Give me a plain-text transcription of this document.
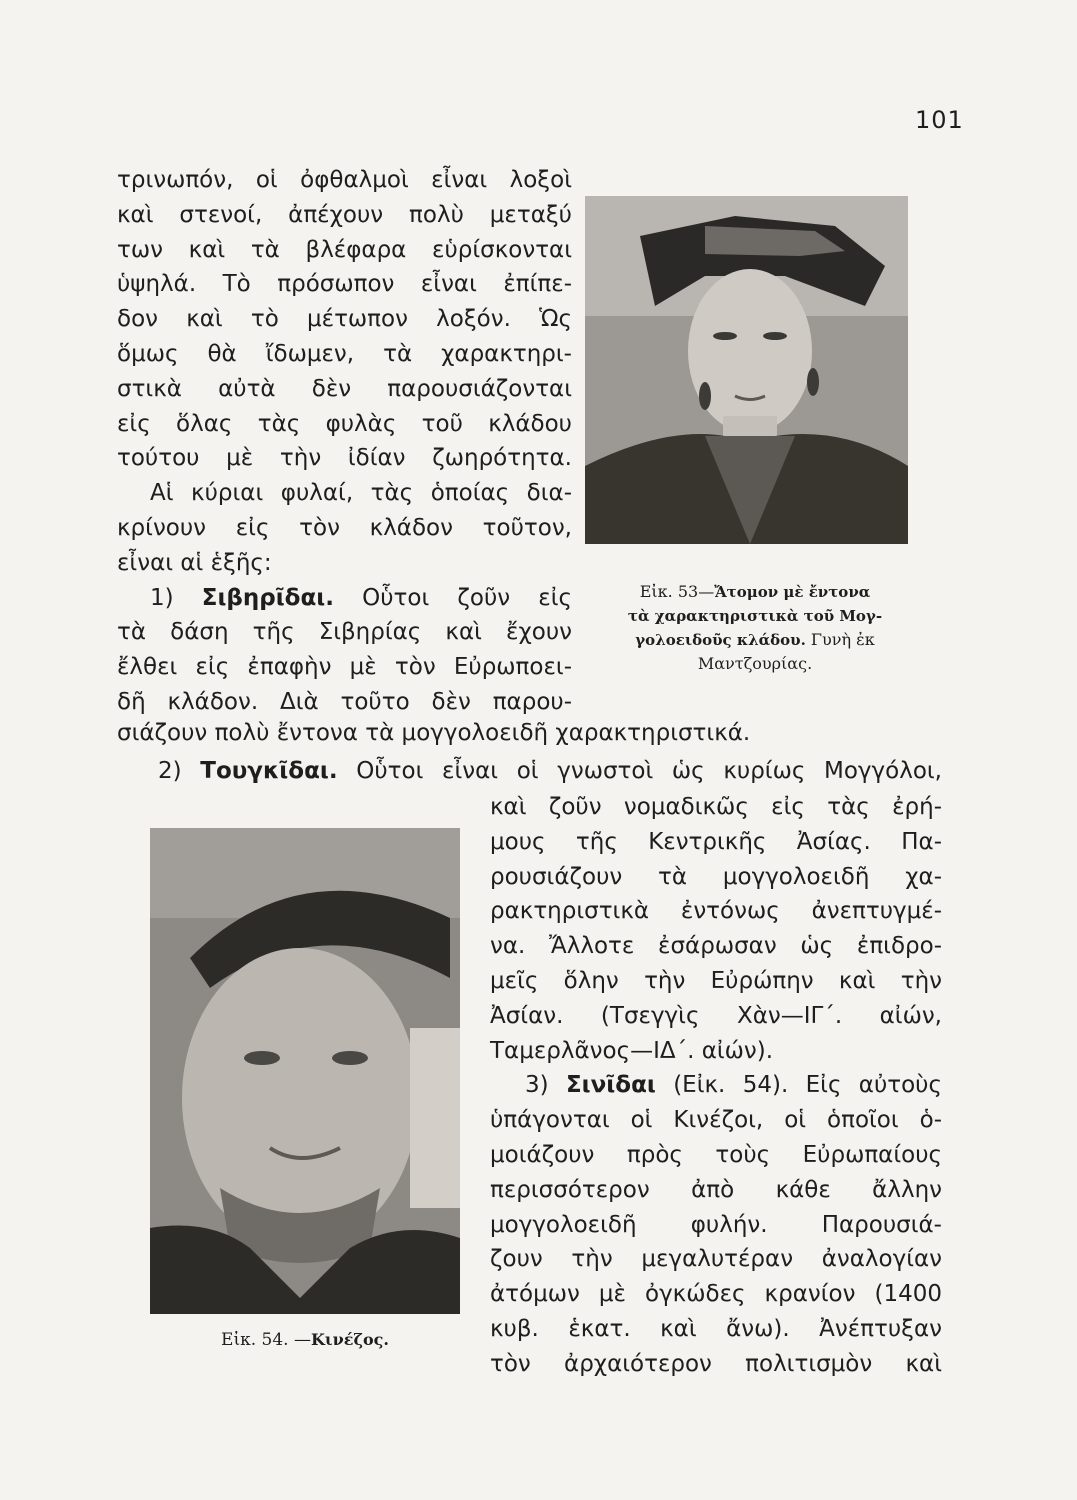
101
Εἰκ. 53—Ἄτομον μὲ ἔντονα
τὰ χαρακτηριστικὰ τοῦ Μογ-
γολοειδοῦς κλάδου. Γυνὴ ἐκ
Μαντζουρίας.
Εἰκ. 54. —Κινέζος.
τρινωπόν, οἱ ὀφθαλμοὶ εἶναι λοξοὶ
καὶ στενοί, ἀπέχουν πολὺ μεταξύ
των καὶ τὰ βλέφαρα εὑρίσκονται
ὑψηλά. Τὸ πρόσωπον εἶναι ἐπίπε-
δον καὶ τὸ μέτωπον λοξόν. Ὡς
ὅμως θὰ ἴδωμεν, τὰ χαρακτηρι-
στικὰ αὐτὰ δὲν παρουσιάζονται
εἰς ὅλας τὰς φυλὰς τοῦ κλάδου
τούτου μὲ τὴν ἰδίαν ζωηρότητα.
Αἱ κύριαι φυλαί, τὰς ὁποίας δια-
κρίνουν εἰς τὸν κλάδον τοῦτον,
εἶναι αἱ ἑξῆς:
1) Σιβηρῖδαι. Οὗτοι ζοῦν εἰς
τὰ δάση τῆς Σιβηρίας καὶ ἔχουν
ἔλθει εἰς ἐπαφὴν μὲ τὸν Εὐρωποει-
δῆ κλάδον. Διὰ τοῦτο δὲν παρου-
σιάζουν πολὺ ἔντονα τὰ μογγολοειδῆ χαρακτηριστικά.
2) Τουγκῖδαι. Οὗτοι εἶναι οἱ γνωστοὶ ὡς κυρίως Μογγόλοι,
καὶ ζοῦν νομαδικῶς εἰς τὰς ἐρή-
μους τῆς Κεντρικῆς Ἀσίας. Πα-
ρουσιάζουν τὰ μογγολοειδῆ χα-
ρακτηριστικὰ ἐντόνως ἀνεπτυγμέ-
να. Ἄλλοτε ἐσάρωσαν ὡς ἐπιδρο-
μεῖς ὅλην τὴν Εὐρώπην καὶ τὴν
Ἀσίαν. (Τσεγγὶς Χὰν—ΙΓ΄. αἰών,
Ταμερλᾶνος—ΙΔ΄. αἰών).
3) Σινῖδαι (Εἰκ. 54). Εἰς αὐτοὺς
ὑπάγονται οἱ Κινέζοι, οἱ ὁποῖοι ὁ-
μοιάζουν πρὸς τοὺς Εὐρωπαίους
περισσότερον ἀπὸ κάθε ἄλλην
μογγολοειδῆ φυλήν. Παρουσιά-
ζουν τὴν μεγαλυτέραν ἀναλογίαν
ἀτόμων μὲ ὀγκώδες κρανίον (1400
κυβ. ἑκατ. καὶ ἄνω). Ἀνέπτυξαν
τὸν ἀρχαιότερον πολιτισμὸν καὶ
